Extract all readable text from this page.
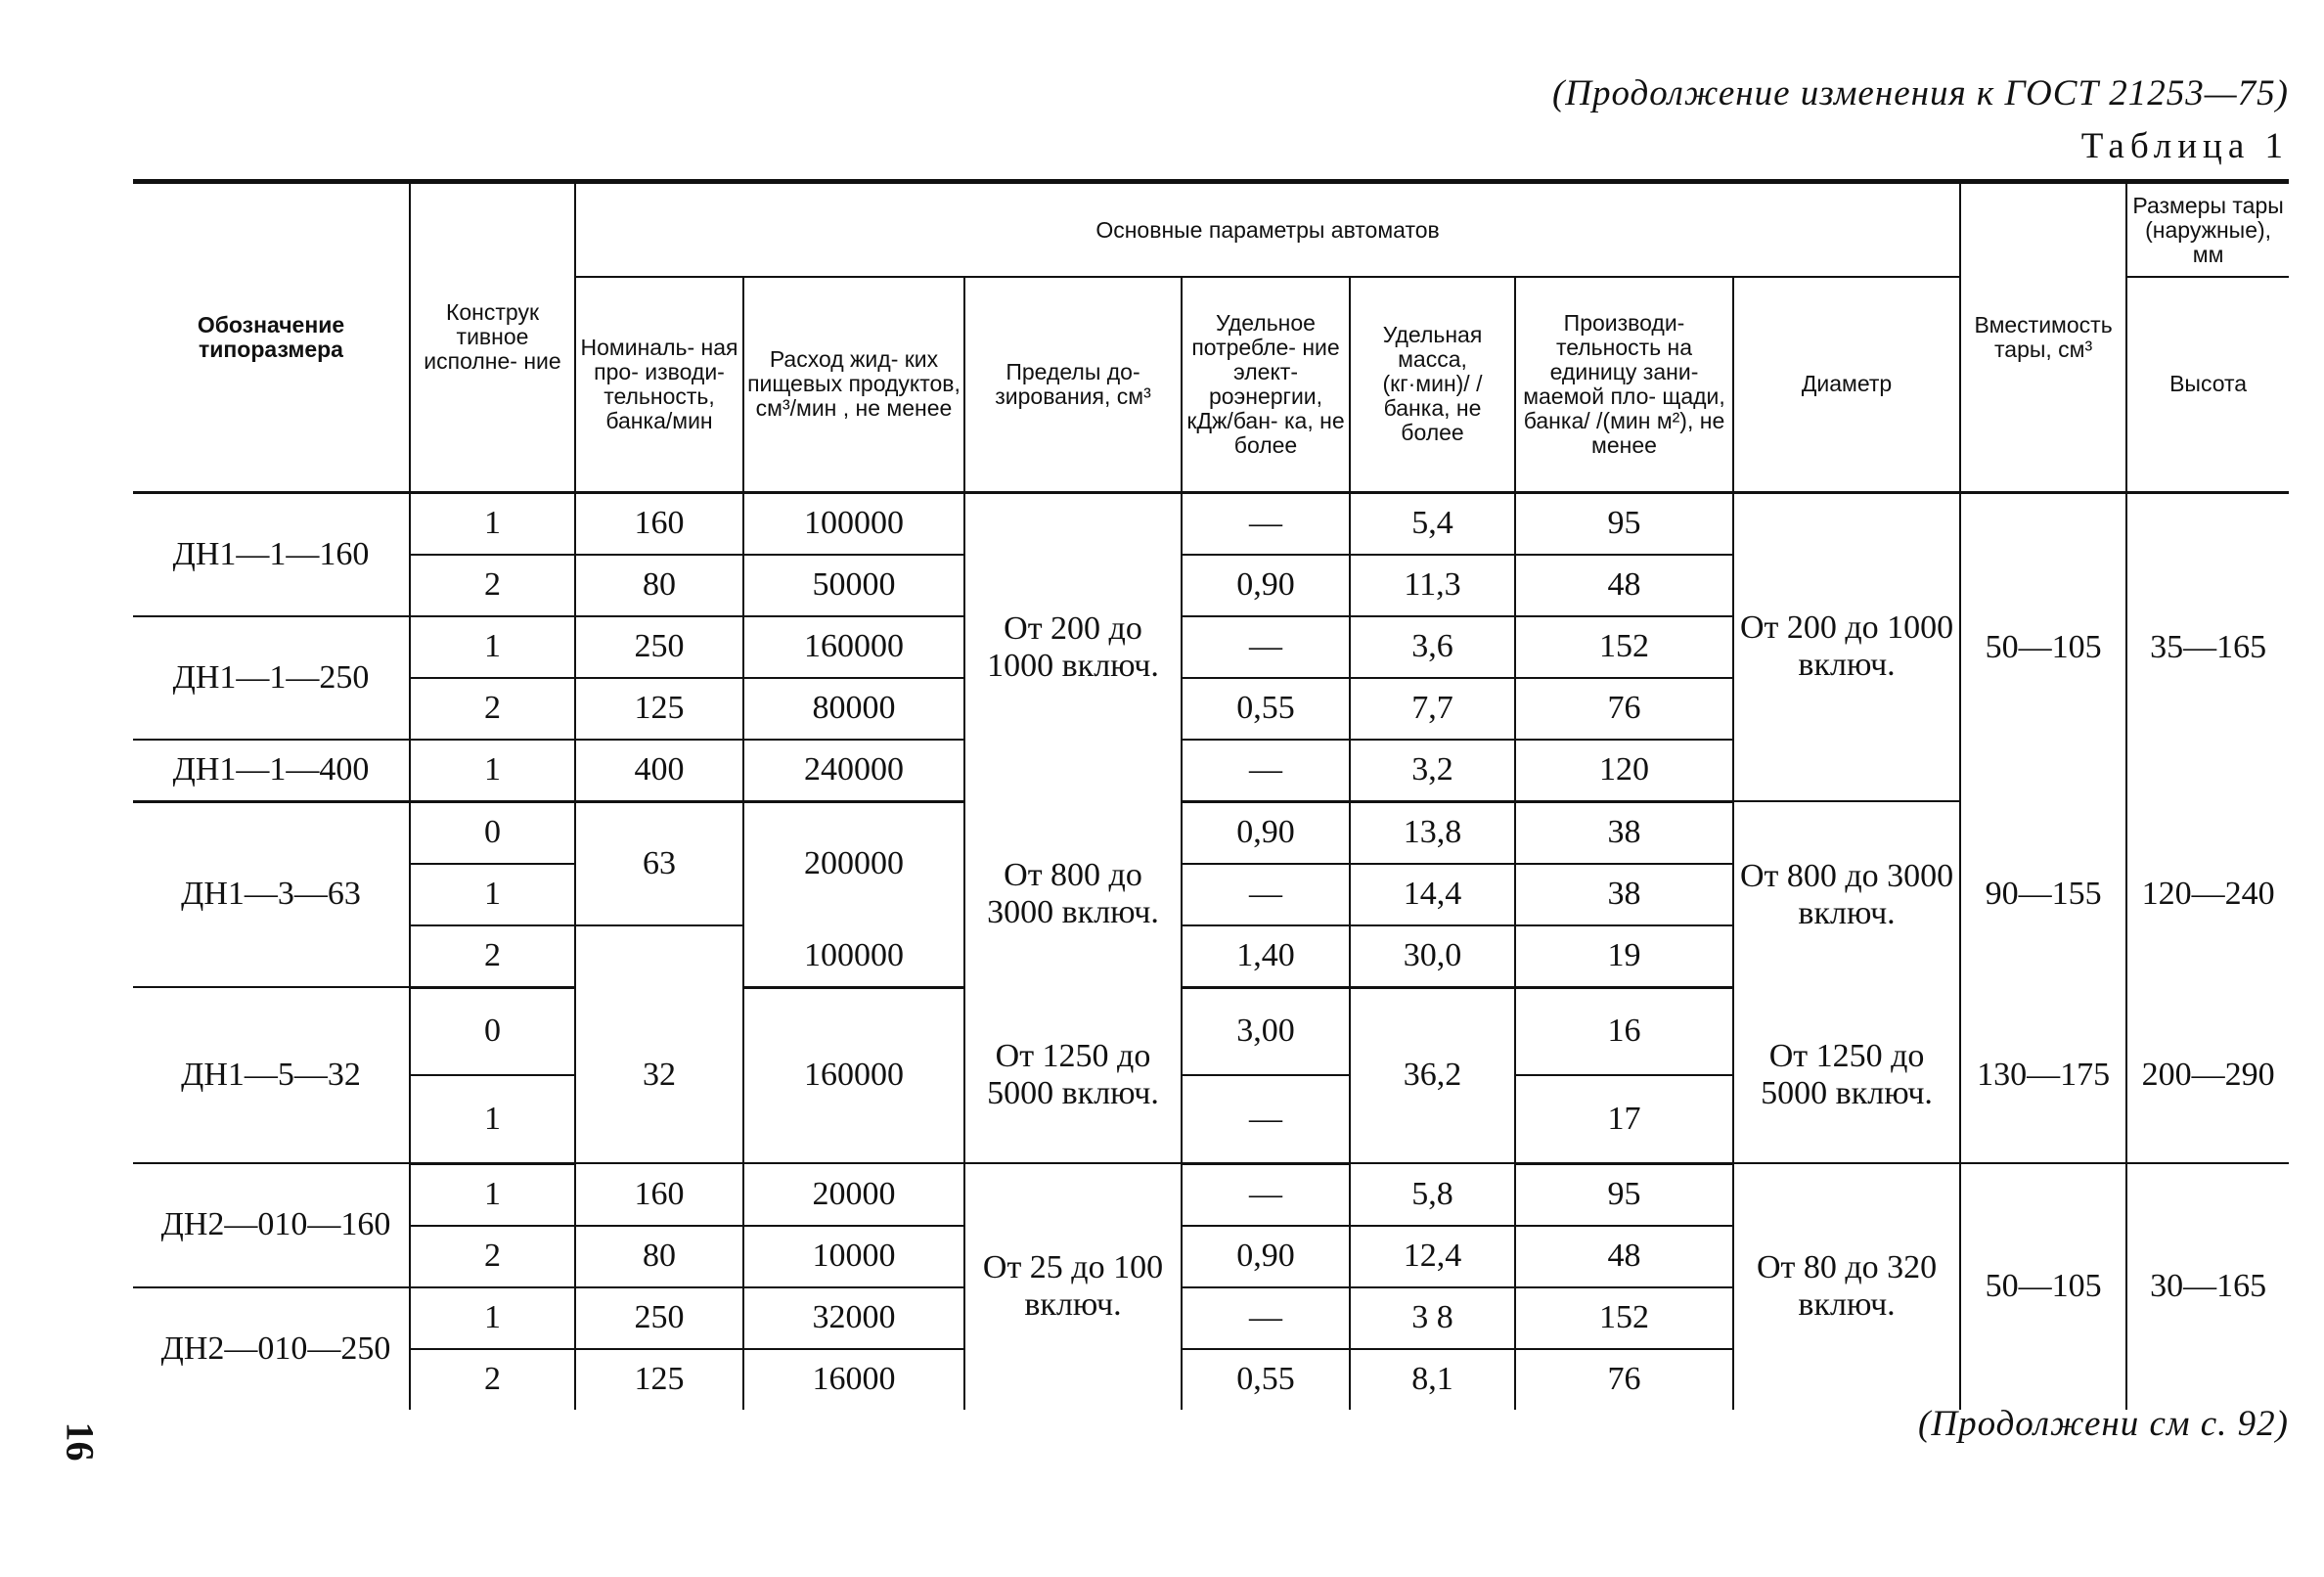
(Продолжение изменения к ГОСТ 21253—75)
Таблица 1
Обозначение типоразмера	Конструк тивное исполне- ние	Основные параметры автоматов							Вместимость тары, см³	Размеры тары (наружные), мм
		Номиналь- ная про- изводи- тельность, банка/мин	Расход жид- ких пищевых продуктов, см³/мин , не менее	Пределы до- зирования, см³	Удельное потребле- ние элект- роэнергии, кДж/бан- ка, не более	Удельная масса, (кг·мин)/ /банка, не более	Производи- тельность на единицу зани- маемой пло- щади, банка/ /(мин м²), не менее	Диаметр		Высота
ДН1—1—160	1	160	100000	От 200 до 1000 включ.	—	5,4	95	От 200 до 1000 включ.	50—105	35—165
	2	80	50000		0,90	11,3	48			
ДН1—1—250	1	250	160000		—	3,6	152			
	2	125	80000		0,55	7,7	76			
ДН1—1—400	1	400	240000		—	3,2	120			
ДН1—3—63	0	63	200000	От 800 до 3000 включ.	0,90	13,8	38	От 800 до 3000 включ.	90—155	120—240
	1				—	14,4	38			
	2		100000		1,40	30,0	19			
ДН1—5—32	0	32	160000	От 1250 до 5000 включ.	3,00	36,2	16	От 1250 до 5000 включ.	130—175	200—290
	1				—		17			
ДН2—010—160	1	160	20000	От 25 до 100 включ.	—	5,8	95	От 80 до 320 включ.	50—105	30—165
	2	80	10000		0,90	12,4	48			
ДН2—010—250	1	250	32000		—	3 8	152			
	2	125	16000		0,55	8,1	76			
16	(Продолжени см с. 92)
